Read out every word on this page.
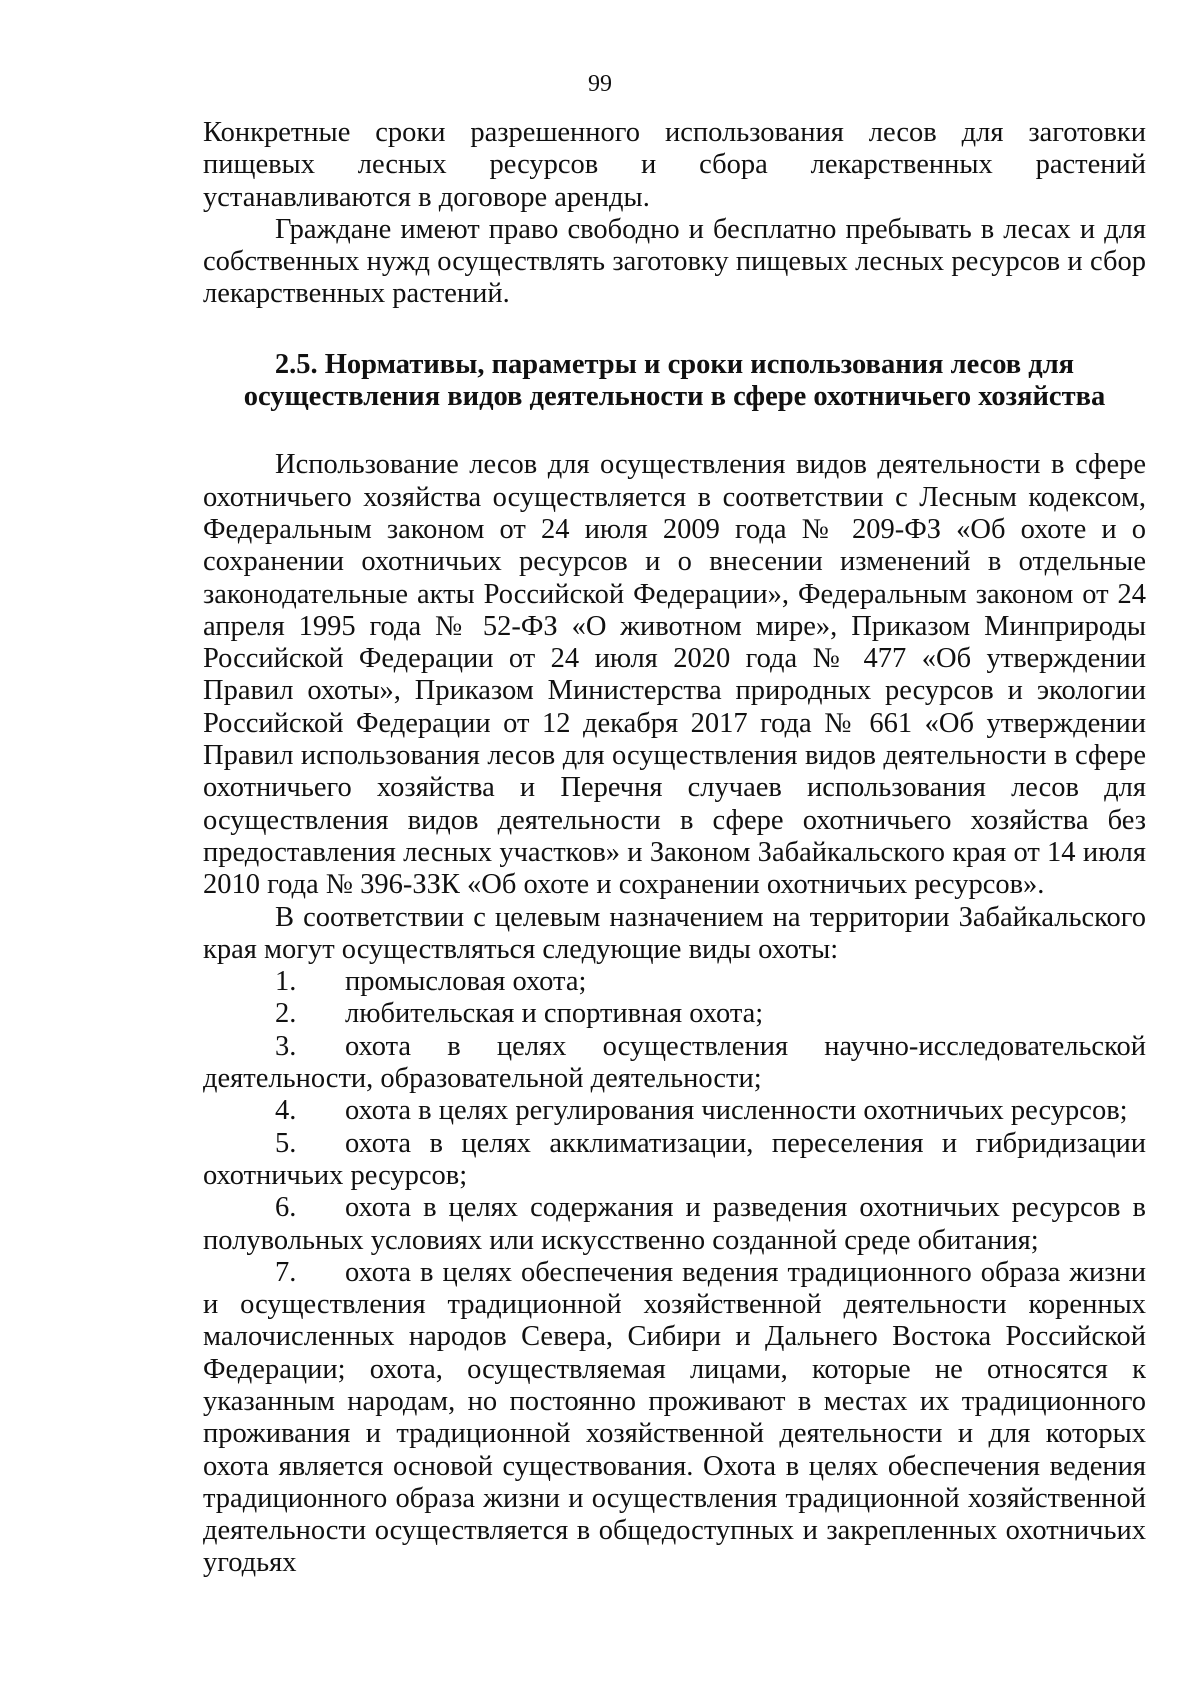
99

Конкретные сроки разрешенного использования лесов для заготовки пищевых лесных ресурсов и сбора лекарственных растений устанавливаются в договоре аренды.

Граждане имеют право свободно и бесплатно пребывать в лесах и для собственных нужд осуществлять заготовку пищевых лесных ресурсов и сбор лекарственных растений.

2.5. Нормативы, параметры и сроки использования лесов для
осуществления видов деятельности в сфере охотничьего хозяйства

Использование лесов для осуществления видов деятельности в сфере охотничьего хозяйства осуществляется в соответствии с Лесным кодексом, Федеральным законом от 24 июля 2009 года № 209-ФЗ «Об охоте и о сохранении охотничьих ресурсов и о внесении изменений в отдельные законодательные акты Российской Федерации», Федеральным законом от 24 апреля 1995 года № 52-ФЗ «О животном мире», Приказом Минприроды Российской Федерации от 24 июля 2020 года № 477 «Об утверждении Правил охоты», Приказом Министерства природных ресурсов и экологии Российской Федерации от 12 декабря 2017 года № 661 «Об утверждении Правил использования лесов для осуществления видов деятельности в сфере охотничьего хозяйства и Перечня случаев использования лесов для осуществления видов деятельности в сфере охотничьего хозяйства без предоставления лесных участков» и Законом Забайкальского края от 14 июля 2010 года № 396-ЗЗК «Об охоте и сохранении охотничьих ресурсов».

В соответствии с целевым назначением на территории Забайкальского края могут осуществляться следующие виды охоты:

1. промысловая охота;

2. любительская и спортивная охота;

3. охота в целях осуществления научно-исследовательской деятельности, образовательной деятельности;

4. охота в целях регулирования численности охотничьих ресурсов;

5. охота в целях акклиматизации, переселения и гибридизации охотничьих ресурсов;

6. охота в целях содержания и разведения охотничьих ресурсов в полувольных условиях или искусственно созданной среде обитания;

7. охота в целях обеспечения ведения традиционного образа жизни и осуществления традиционной хозяйственной деятельности коренных малочисленных народов Севера, Сибири и Дальнего Востока Российской Федерации; охота, осуществляемая лицами, которые не относятся к указанным народам, но постоянно проживают в местах их традиционного проживания и традиционной хозяйственной деятельности и для которых охота является основой существования. Охота в целях обеспечения ведения традиционного образа жизни и осуществления традиционной хозяйственной деятельности осуществляется в общедоступных и закрепленных охотничьих угодьях
